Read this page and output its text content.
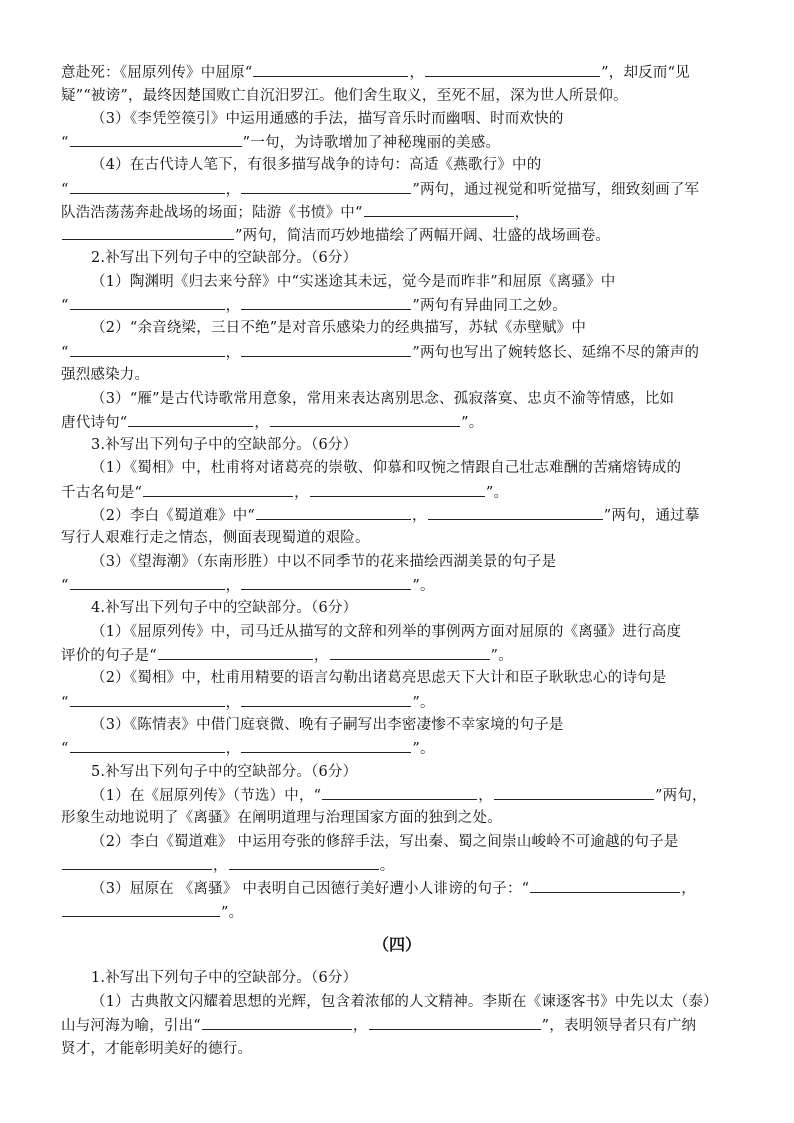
意赴死：《屈原列传》中屈原“	，	”，却反而“见
疑”“被谤”，最终因楚国败亡自沉汨罗江。他们舍生取义，至死不屈，深为世人所景仰。
（3）《李凭箜篌引》中运用通感的手法，描写音乐时而幽咽、时而欢快的
“	”一句，为诗歌增加了神秘瑰丽的美感。
（4）在古代诗人笔下，有很多描写战争的诗句：高适《燕歌行》中的
“	，	”两句，通过视觉和听觉描写，细致刻画了军
队浩浩荡荡奔赴战场的场面；陆游《书愤》中“	，
”两句，简洁而巧妙地描绘了两幅开阔、壮盛的战场画卷。
2.补写出下列句子中的空缺部分。（6分）
（1）陶渊明《归去来兮辞》中“实迷途其未远，觉今是而昨非”和屈原《离骚》中
“	，	”两句有异曲同工之妙。
（2）“余音绕梁，三日不绝”是对音乐感染力的经典描写，苏轼《赤壁赋》中
“	，	”两句也写出了婉转悠长、延绵不尽的箫声的
强烈感染力。
（3）“雁”是古代诗歌常用意象，常用来表达离别思念、孤寂落寞、忠贞不渝等情感，比如
唐代诗句“	，	”。
3.补写出下列句子中的空缺部分。（6分）
（1）《蜀相》中，杜甫将对诸葛亮的崇敬、仰慕和叹惋之情跟自己壮志难酬的苦痛熔铸成的
千古名句是“	，	”。
（2）李白《蜀道难》中“	，	”两句，通过摹
写行人艰难行走之情态，侧面表现蜀道的艰险。
（3）《望海潮》（东南形胜）中以不同季节的花来描绘西湖美景的句子是
“	，	”。
4.补写出下列句子中的空缺部分。（6分）
（1）《屈原列传》中，司马迁从描写的文辞和列举的事例两方面对屈原的《离骚》进行高度
评价的句子是“	，	”。
（2）《蜀相》中，杜甫用精要的语言勾勒出诸葛亮思虑天下大计和臣子耿耿忠心的诗句是
“	，	”。
（3）《陈情表》中借门庭衰微、晚有子嗣写出李密凄惨不幸家境的句子是
“	，	”。
5.补写出下列句子中的空缺部分。（6分）
（1）在《屈原列传》（节选）中，“	，	”两句，
形象生动地说明了《离骚》在阐明道理与治理国家方面的独到之处。
（2）李白《蜀道难》 中运用夸张的修辞手法，写出秦、蜀之间崇山峻岭不可逾越的句子是
，	。
（3）屈原在 《离骚》 中表明自己因德行美好遭小人诽谤的句子：“	，
”。
（四）
1.补写出下列句子中的空缺部分。（6分）
（1）古典散文闪耀着思想的光辉，包含着浓郁的人文精神。李斯在《谏逐客书》中先以太（泰）
山与河海为喻，引出“	，	”，表明领导者只有广纳
贤才，才能彰明美好的德行。
